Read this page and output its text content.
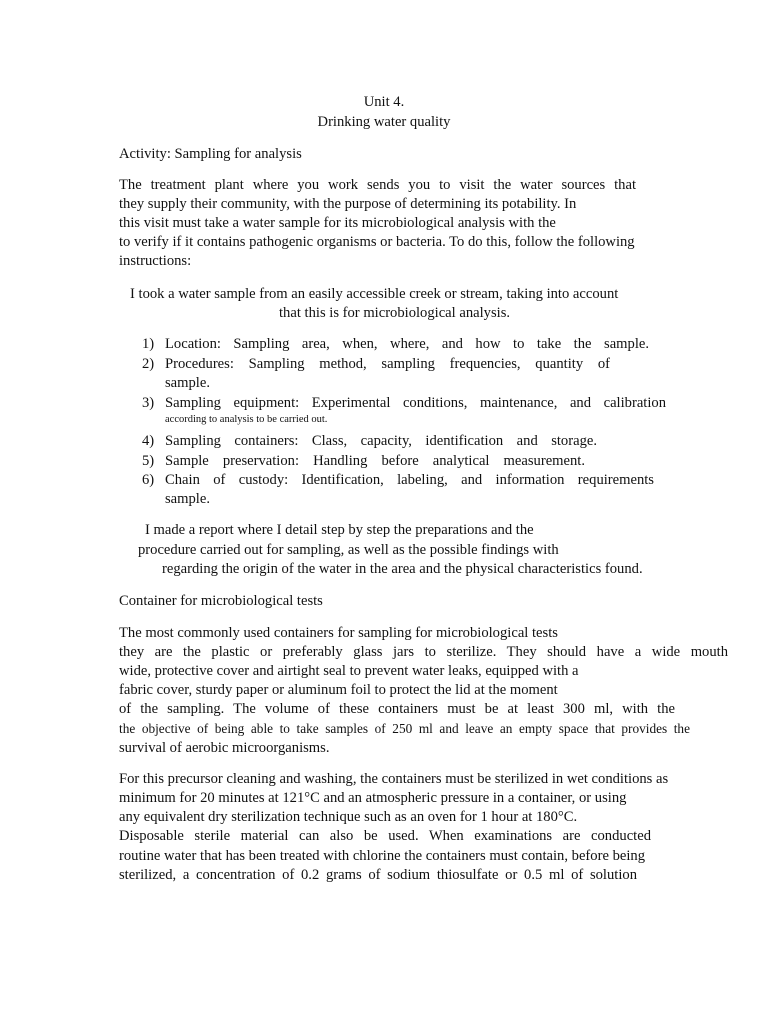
Unit 4.
Drinking water quality
Activity: Sampling for analysis
The treatment plant where you work sends you to visit the water sources that
they supply their community, with the purpose of determining its potability. In
this visit must take a water sample for its microbiological analysis with the
to verify if it contains pathogenic organisms or bacteria. To do this, follow the following
instructions:
I took a water sample from an easily accessible creek or stream, taking into account
that this is for microbiological analysis.
1) Location: Sampling area, when, where, and how to take the sample.
2) Procedures: Sampling method, sampling frequencies, quantity of
sample.
3) Sampling equipment: Experimental conditions, maintenance, and calibration
according to analysis to be carried out.
4) Sampling containers: Class, capacity, identification and storage.
5) Sample preservation: Handling before analytical measurement.
6) Chain of custody: Identification, labeling, and information requirements
sample.
I made a report where I detail step by step the preparations and the
procedure carried out for sampling, as well as the possible findings with
regarding the origin of the water in the area and the physical characteristics found.
Container for microbiological tests
The most commonly used containers for sampling for microbiological tests
they are the plastic or preferably glass jars to sterilize. They should have a wide mouth
wide, protective cover and airtight seal to prevent water leaks, equipped with a
fabric cover, sturdy paper or aluminum foil to protect the lid at the moment
of the sampling. The volume of these containers must be at least 300 ml, with the
the objective of being able to take samples of 250 ml and leave an empty space that provides the
survival of aerobic microorganisms.
For this precursor cleaning and washing, the containers must be sterilized in wet conditions as
minimum for 20 minutes at 121°C and an atmospheric pressure in a container, or using
any equivalent dry sterilization technique such as an oven for 1 hour at 180°C.
Disposable sterile material can also be used. When examinations are conducted
routine water that has been treated with chlorine the containers must contain, before being
sterilized, a concentration of 0.2 grams of sodium thiosulfate or 0.5 ml of solution
